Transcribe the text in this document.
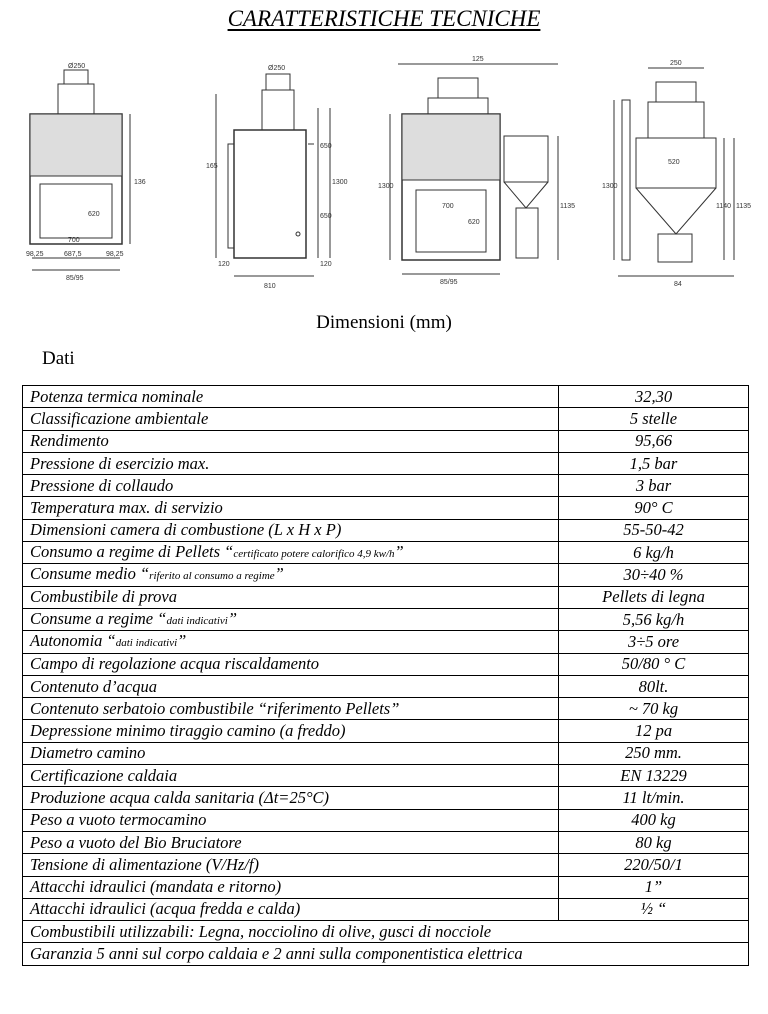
CARATTERISTICHE TECNICHE
Ø250
136
700
620
98,25	687,5	98,25
85/95
Ø250
165
650
650
1300
120	120
810
125
1300
700
620
85/95
1135
250
520
1300
1140 1135
84
Dimensioni (mm)
Dati
Potenza termica nominale	32,30
Classificazione ambientale	5 stelle
Rendimento	95,66
Pressione di esercizio max.	1,5 bar
Pressione di collaudo	3 bar
Temperatura max. di servizio	90° C
Dimensioni camera di combustione (L x H x P)	55-50-42
Consumo a regime di Pellets “certificato potere calorifico 4,9 kw/h”	6 kg/h
Consume medio “riferito al consumo a regime”	30÷40 %
Combustibile di prova	Pellets di legna
Consume a regime “dati indicativi”	5,56 kg/h
Autonomia “dati indicativi”	3÷5 ore
Campo di regolazione acqua riscaldamento	50/80 ° C
Contenuto d’acqua	80lt.
Contenuto serbatoio combustibile “riferimento Pellets”	~ 70 kg
Depressione minimo tiraggio camino (a freddo)	12 pa
Diametro camino	250 mm.
Certificazione caldaia	EN 13229
Produzione acqua calda sanitaria (Δt=25°C)	11 lt/min.
Peso a vuoto termocamino	400 kg
Peso a vuoto del Bio Bruciatore	80 kg
Tensione di alimentazione (V/Hz/f)	220/50/1
Attacchi idraulici (mandata e ritorno)	1”
Attacchi idraulici (acqua fredda e calda)	½ “
Combustibili utilizzabili: Legna, nocciolino di olive, gusci di nocciole	
Garanzia 5 anni sul corpo caldaia e 2 anni sulla componentistica elettrica	
